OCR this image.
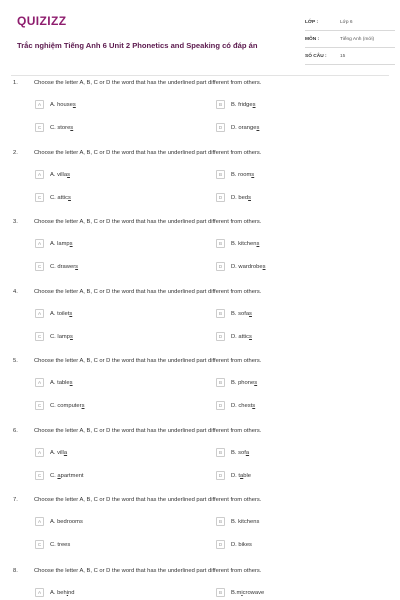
QUIZIZZ
Trắc nghiệm Tiếng Anh 6 Unit 2 Phonetics and Speaking có đáp án
LỚP :	Lớp 6
MÔN :	Tiếng Anh (mới)
SỐ CÂU :	15
1.	Choose the letter A, B, C or D the word that has the underlined part different from others.
A	A. houses	B	B. fridges
C	C. stores	D	D. oranges
2.	Choose the letter A, B, C or D the word that has the underlined part different from others.
A	A. villas	B	B. rooms
C	C. attics	D	D. beds
3.	Choose the letter A, B, C or D the word that has the underlined part different from others.
A	A. lamps	B	B. kitchens
C	C. drawers	D	D. wardrobes
4.	Choose the letter A, B, C or D the word that has the underlined part different from others.
A	A. toilets	B	B. sofas
C	C. lamps	D	D. attics
5.	Choose the letter A, B, C or D the word that has the underlined part different from others.
A	A. tables	B	B. phones
C	C. computers	D	D. chests
6.	Choose the letter A, B, C or D the word that has the underlined part different from others.
A	A. villa	B	B. sofa
C	C. apartment	D	D. table
7.	Choose the letter A, B, C or D the word that has the underlined part different from others.
A	A. bedrooms	B	B. kitchens
C	C. trees	D	D. bikes
8.	Choose the letter A, B, C or D the word that has the underlined part different from others.
A	A. behind	B	B.microwave
